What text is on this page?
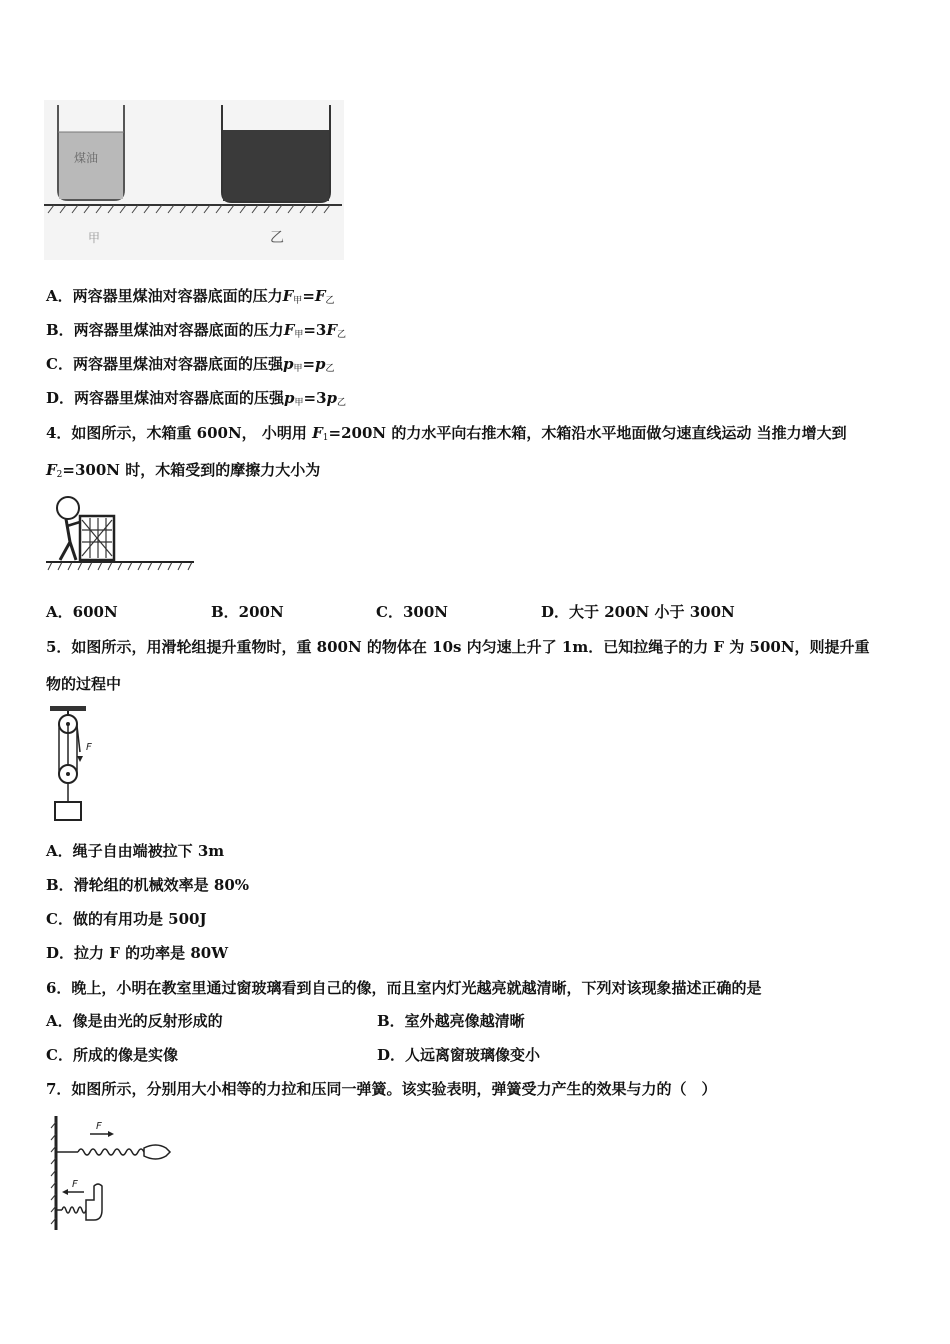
煤油
甲	乙
A．两容器里煤油对容器底面的压力$F_甲=F_乙$
B．两容器里煤油对容器底面的压力$F_甲=3F_乙$
C．两容器里煤油对容器底面的压强$p_甲=p_乙$
D．两容器里煤油对容器底面的压强$p_甲=3p_乙$
4．如图所示，木箱重 600N， 小明用 $F_1=200N$ 的力水平向右推木箱，木箱沿水平地面做匀速直线运动 当推力增大到
$F_2=300N$ 时，木箱受到的摩擦力大小为
A．600N	B．200N	C．300N	D．大于 200N 小于 300N
5．如图所示，用滑轮组提升重物时，重 800N 的物体在 10s 内匀速上升了 1m．已知拉绳子的力 F 为 500N，则提升重
物的过程中
F
A．绳子自由端被拉下 3m
B．滑轮组的机械效率是 80%
C．做的有用功是 500J
D．拉力 F 的功率是 80W
6．晚上，小明在教室里通过窗玻璃看到自己的像，而且室内灯光越亮就越清晰，下列对该现象描述正确的是
A．像是由光的反射形成的	B．室外越亮像越清晰
C．所成的像是实像	D．人远离窗玻璃像变小
7．如图所示，分别用大小相等的力拉和压同一弹簧。该实验表明，弹簧受力产生的效果与力的（　）
F
F
